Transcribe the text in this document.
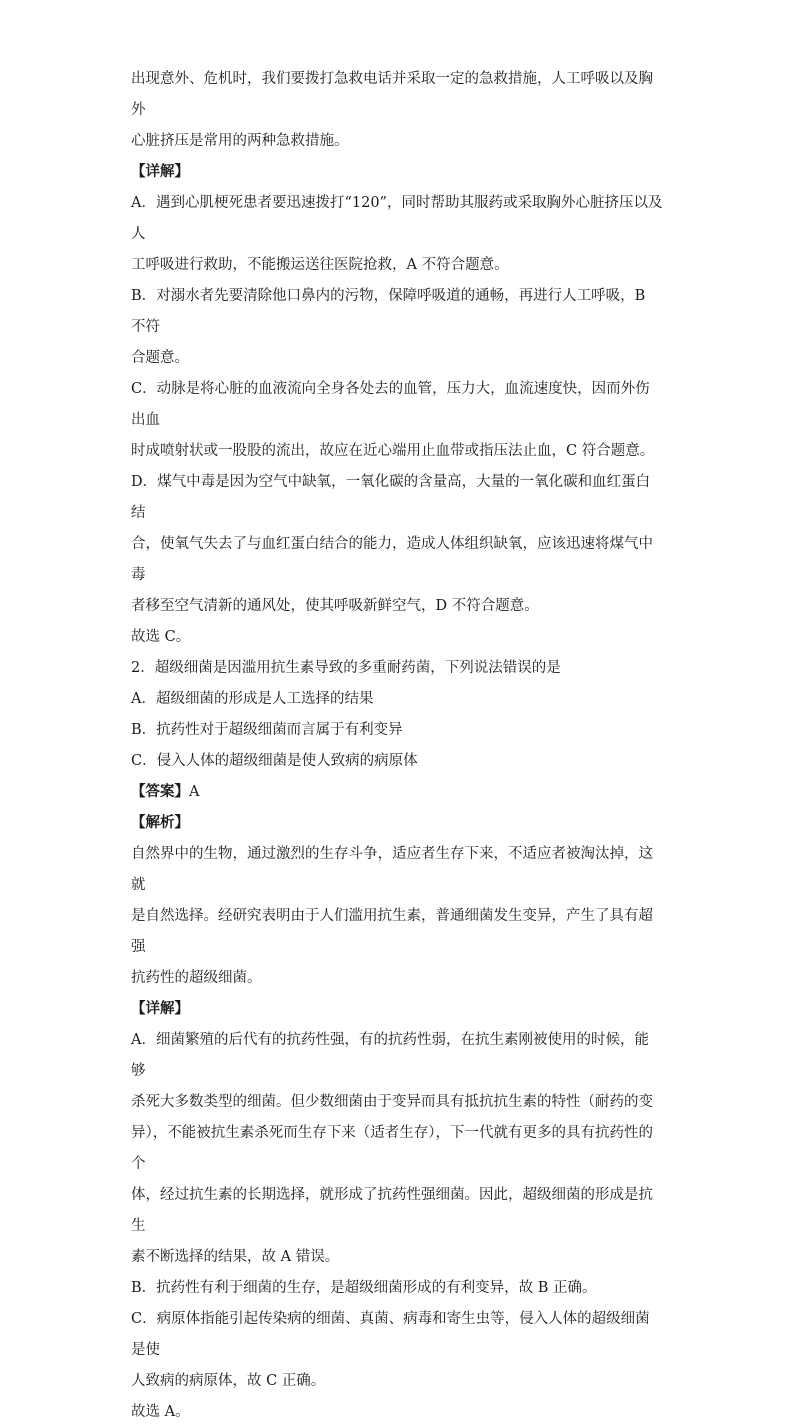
出现意外、危机时，我们要拨打急救电话并采取一定的急救措施，人工呼吸以及胸外

心脏挤压是常用的两种急救措施。

【详解】

A．遇到心肌梗死患者要迅速拨打“120”，同时帮助其服药或采取胸外心脏挤压以及人

工呼吸进行救助，不能搬运送往医院抢救，A 不符合题意。

B．对溺水者先要清除他口鼻内的污物，保障呼吸道的通畅，再进行人工呼吸，B 不符

合题意。

C．动脉是将心脏的血液流向全身各处去的血管，压力大，血流速度快，因而外伤出血

时成喷射状或一股股的流出，故应在近心端用止血带或指压法止血，C 符合题意。

D．煤气中毒是因为空气中缺氧，一氧化碳的含量高，大量的一氧化碳和血红蛋白结

合，使氧气失去了与血红蛋白结合的能力，造成人体组织缺氧，应该迅速将煤气中毒

者移至空气清新的通风处，使其呼吸新鲜空气，D 不符合题意。

故选 C。

2．超级细菌是因滥用抗生素导致的多重耐药菌，下列说法错误的是

A．超级细菌的形成是人工选择的结果

B．抗药性对于超级细菌而言属于有利变异

C．侵入人体的超级细菌是使人致病的病原体

【答案】A

【解析】

自然界中的生物，通过激烈的生存斗争，适应者生存下来，不适应者被淘汰掉，这就

是自然选择。经研究表明由于人们滥用抗生素，普通细菌发生变异，产生了具有超强

抗药性的超级细菌。

【详解】

A．细菌繁殖的后代有的抗药性强，有的抗药性弱，在抗生素刚被使用的时候，能够

杀死大多数类型的细菌。但少数细菌由于变异而具有抵抗抗生素的特性（耐药的变

异），不能被抗生素杀死而生存下来（适者生存），下一代就有更多的具有抗药性的个

体，经过抗生素的长期选择，就形成了抗药性强细菌。因此，超级细菌的形成是抗生

素不断选择的结果，故 A 错误。

B．抗药性有利于细菌的生存，是超级细菌形成的有利变异，故 B 正确。

C．病原体指能引起传染病的细菌、真菌、病毒和寄生虫等，侵入人体的超级细菌是使

人致病的病原体，故 C 正确。

故选 A。
